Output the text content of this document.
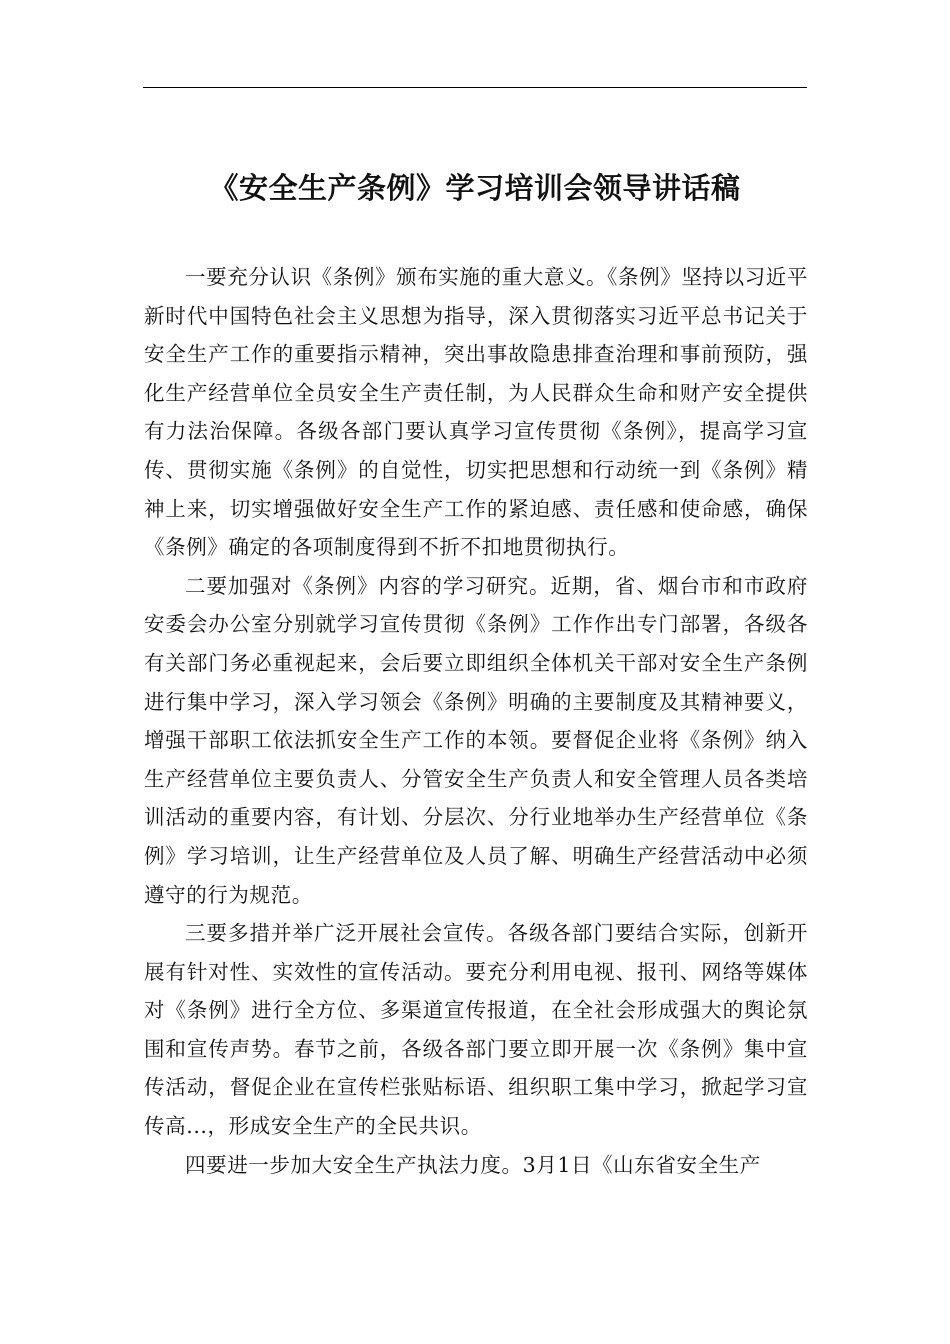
《安全生产条例》学习培训会领导讲话稿

一要充分认识《条例》颁布实施的重大意义。《条例》坚持以习近平新时代中国特色社会主义思想为指导，深入贯彻落实习近平总书记关于安全生产工作的重要指示精神，突出事故隐患排查治理和事前预防，强化生产经营单位全员安全生产责任制，为人民群众生命和财产安全提供有力法治保障。各级各部门要认真学习宣传贯彻《条例》，提高学习宣传、贯彻实施《条例》的自觉性，切实把思想和行动统一到《条例》精神上来，切实增强做好安全生产工作的紧迫感、责任感和使命感，确保《条例》确定的各项制度得到不折不扣地贯彻执行。

二要加强对《条例》内容的学习研究。近期，省、烟台市和市政府安委会办公室分别就学习宣传贯彻《条例》工作作出专门部署，各级各有关部门务必重视起来，会后要立即组织全体机关干部对安全生产条例进行集中学习，深入学习领会《条例》明确的主要制度及其精神要义，增强干部职工依法抓安全生产工作的本领。要督促企业将《条例》纳入生产经营单位主要负责人、分管安全生产负责人和安全管理人员各类培训活动的重要内容，有计划、分层次、分行业地举办生产经营单位《条例》学习培训，让生产经营单位及人员了解、明确生产经营活动中必须遵守的行为规范。

三要多措并举广泛开展社会宣传。各级各部门要结合实际，创新开展有针对性、实效性的宣传活动。要充分利用电视、报刊、网络等媒体对《条例》进行全方位、多渠道宣传报道，在全社会形成强大的舆论氛围和宣传声势。春节之前，各级各部门要立即开展一次《条例》集中宣传活动，督促企业在宣传栏张贴标语、组织职工集中学习，掀起学习宣传高...，形成安全生产的全民共识。

四要进一步加大安全生产执法力度。3月1日《山东省安全生产
